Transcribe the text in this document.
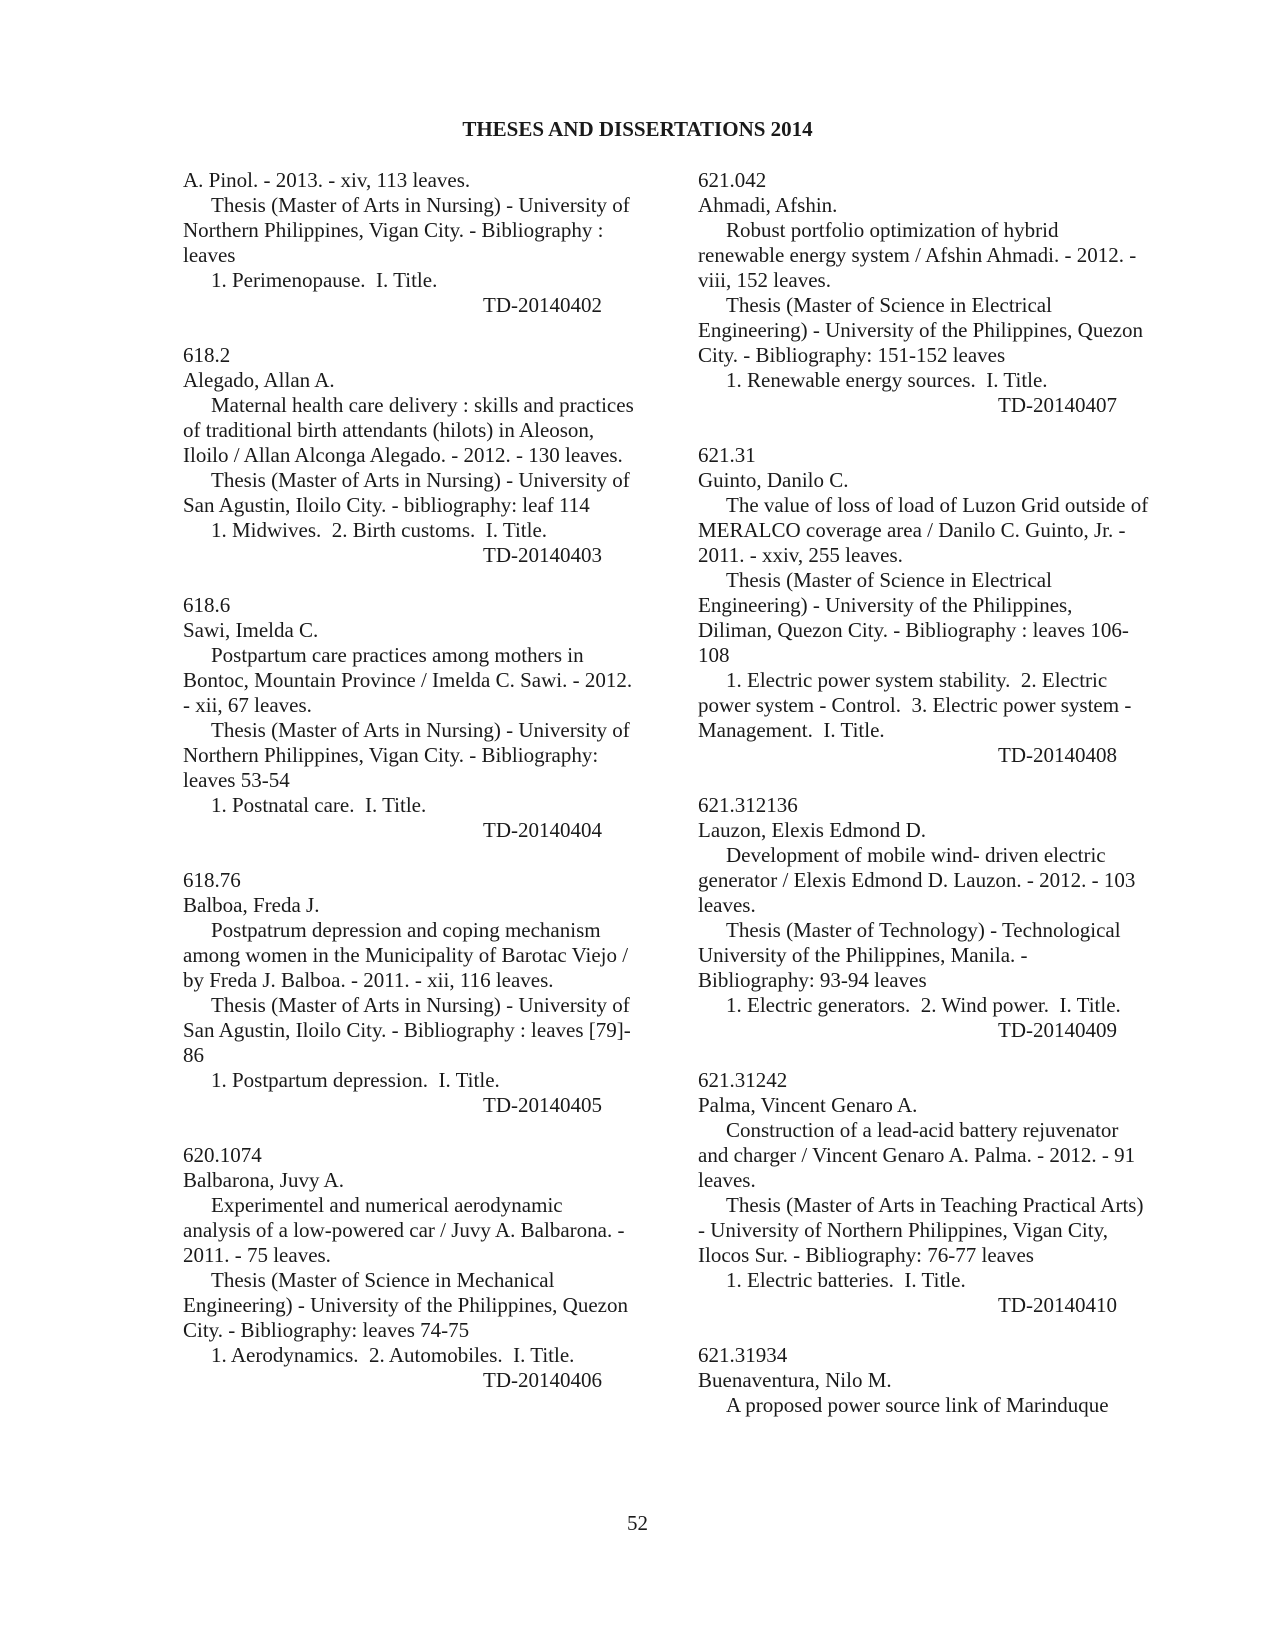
THESES AND DISSERTATIONS 2014
A. Pinol. - 2013. - xiv, 113 leaves.
Thesis (Master of Arts in Nursing) - University of
Northern Philippines, Vigan City. - Bibliography :
leaves
1. Perimenopause.  I. Title.
TD-20140402
618.2
Alegado, Allan A.
Maternal health care delivery : skills and practices
of traditional birth attendants (hilots) in Aleoson,
Iloilo / Allan Alconga Alegado. - 2012. - 130 leaves.
Thesis (Master of Arts in Nursing) - University of
San Agustin, Iloilo City. - bibliography: leaf 114
1. Midwives.  2. Birth customs.  I. Title.
TD-20140403
618.6
Sawi, Imelda C.
Postpartum care practices among mothers in
Bontoc, Mountain Province / Imelda C. Sawi. - 2012.
- xii, 67 leaves.
Thesis (Master of Arts in Nursing) - University of
Northern Philippines, Vigan City. - Bibliography:
leaves 53-54
1. Postnatal care.  I. Title.
TD-20140404
618.76
Balboa, Freda J.
Postpatrum depression and coping mechanism
among women in the Municipality of Barotac Viejo /
by Freda J. Balboa. - 2011. - xii, 116 leaves.
Thesis (Master of Arts in Nursing) - University of
San Agustin, Iloilo City. - Bibliography : leaves [79]-
86
1. Postpartum depression.  I. Title.
TD-20140405
620.1074
Balbarona, Juvy A.
Experimentel and numerical aerodynamic
analysis of a low-powered car / Juvy A. Balbarona. -
2011. - 75 leaves.
Thesis (Master of Science in Mechanical
Engineering) - University of the Philippines, Quezon
City. - Bibliography: leaves 74-75
1. Aerodynamics.  2. Automobiles.  I. Title.
TD-20140406
621.042
Ahmadi, Afshin.
Robust portfolio optimization of hybrid
renewable energy system / Afshin Ahmadi. - 2012. -
viii, 152 leaves.
Thesis (Master of Science in Electrical
Engineering) - University of the Philippines, Quezon
City. - Bibliography: 151-152 leaves
1. Renewable energy sources.  I. Title.
TD-20140407
621.31
Guinto, Danilo C.
The value of loss of load of Luzon Grid outside of
MERALCO coverage area / Danilo C. Guinto, Jr. -
2011. - xxiv, 255 leaves.
Thesis (Master of Science in Electrical
Engineering) - University of the Philippines,
Diliman, Quezon City. - Bibliography : leaves 106-
108
1. Electric power system stability.  2. Electric
power system - Control.  3. Electric power system -
Management.  I. Title.
TD-20140408
621.312136
Lauzon, Elexis Edmond D.
Development of mobile wind- driven electric
generator / Elexis Edmond D. Lauzon. - 2012. - 103
leaves.
Thesis (Master of Technology) - Technological
University of the Philippines, Manila. -
Bibliography: 93-94 leaves
1. Electric generators.  2. Wind power.  I. Title.
TD-20140409
621.31242
Palma, Vincent Genaro A.
Construction of a lead-acid battery rejuvenator
and charger / Vincent Genaro A. Palma. - 2012. - 91
leaves.
Thesis (Master of Arts in Teaching Practical Arts)
- University of Northern Philippines, Vigan City,
Ilocos Sur. - Bibliography: 76-77 leaves
1. Electric batteries.  I. Title.
TD-20140410
621.31934
Buenaventura, Nilo M.
A proposed power source link of Marinduque
52
